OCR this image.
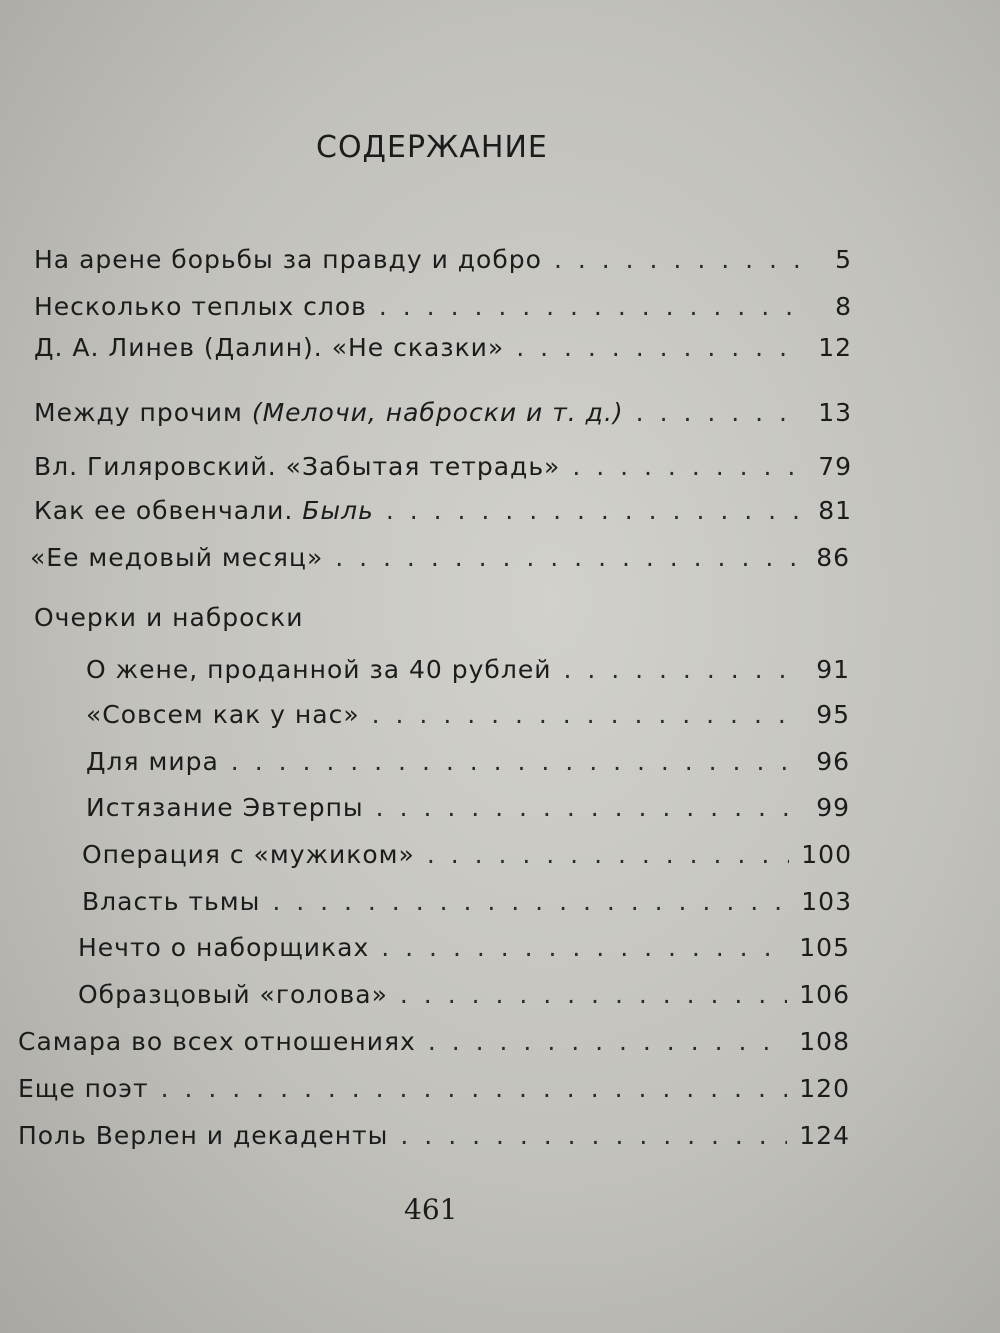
СОДЕРЖАНИЕ
На арене борьбы за правду и добро . . .	5
Несколько теплых слов . . .	8
Д. А. Линев (Далин). «Не сказки» . . .	12
Между прочим (Мелочи, наброски и т. д.) . . .	13
Вл. Гиляровский. «Забытая тетрадь» . . .	79
Как ее обвенчали. Быль . . .	81
«Ее медовый месяц» . . .	86
Очерки и наброски
О жене, проданной за 40 рублей . . .	91
«Совсем как у нас» . . .	95
Для мира . . .	96
Истязание Эвтерпы . . .	99
Операция с «мужиком» . . .	100
Власть тьмы . . .	103
Нечто о наборщиках . . .	105
Образцовый «голова» . . .	106
Самара во всех отношениях . . .	108
Еще поэт . . .	120
Поль Верлен и декаденты . . .	124
461
